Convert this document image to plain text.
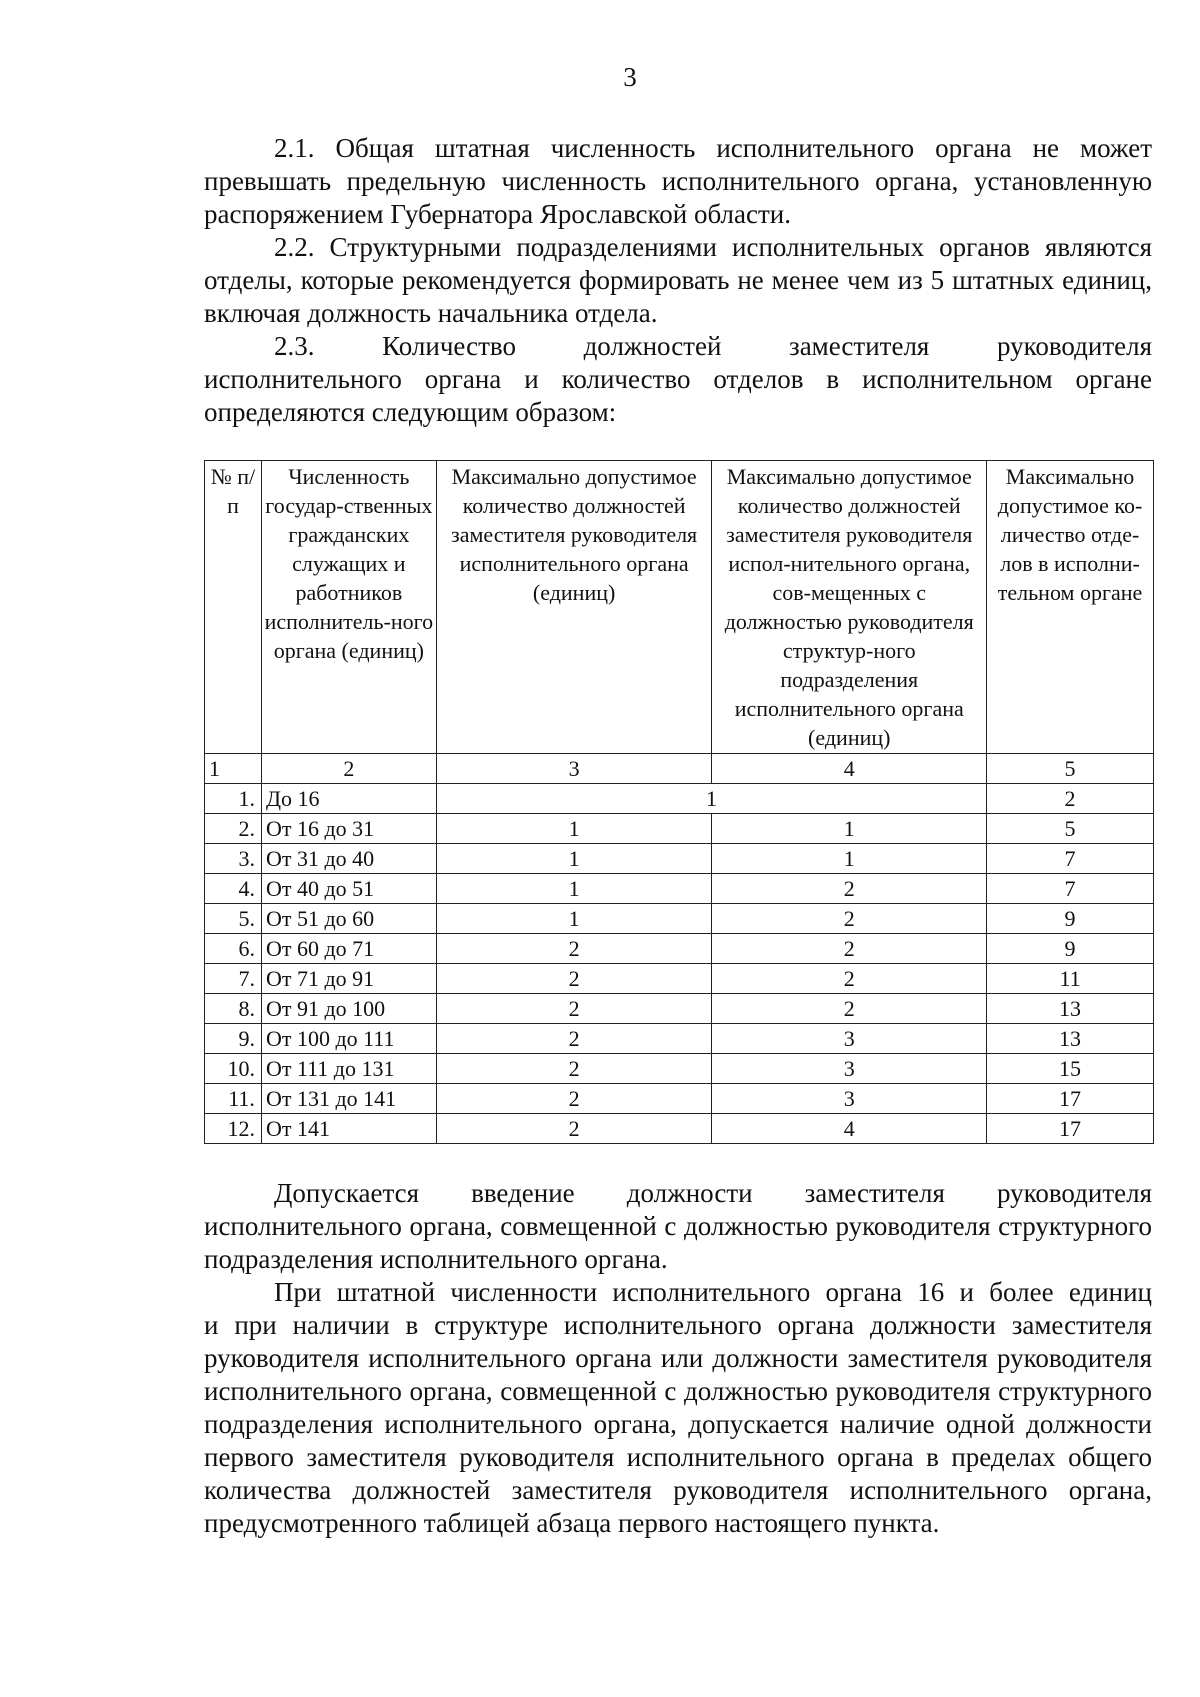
3
2.1. Общая штатная численность исполнительного органа не может
превышать предельную численность исполнительного органа, установленную распоряжением Губернатора Ярославской области.
2.2. Структурными подразделениями исполнительных органов являются
отделы, которые рекомендуется формировать не менее чем из 5 штатных единиц, включая должность начальника отдела.
2.3. Количество должностей заместителя руководителя
исполнительного органа и количество отделов в исполнительном органе определяются следующим образом:
№ п/п	Численность государ-ственных гражданских служащих и работников исполнитель-ного органа (единиц)	Максимально допустимое количество должностей заместителя руководителя исполнительного органа (единиц)	Максимально допустимое количество должностей заместителя руководителя испол-нительного органа, сов-мещенных с должностью руководителя структур-ного подразделения исполнительного органа (единиц)	Максимально допустимое ко-личество отде-лов в исполни-тельном органе
1	2	3	4	5
1.	До 16	1		2
2.	От 16 до 31	1	1	5
3.	От 31 до 40	1	1	7
4.	От 40 до 51	1	2	7
5.	От 51 до 60	1	2	9
6.	От 60 до 71	2	2	9
7.	От 71 до 91	2	2	11
8.	От 91 до 100	2	2	13
9.	От 100 до 111	2	3	13
10.	От 111 до 131	2	3	15
11.	От 131 до 141	2	3	17
12.	От 141	2	4	17
Допускается введение должности заместителя руководителя
исполнительного органа, совмещенной с должностью руководителя структурного подразделения исполнительного органа.
При штатной численности исполнительного органа 16 и более единиц
и при наличии в структуре исполнительного органа должности заместителя руководителя исполнительного органа или должности заместителя руководителя исполнительного органа, совмещенной с должностью руководителя структурного подразделения исполнительного органа, допускается наличие одной должности первого заместителя руководителя исполнительного органа в пределах общего количества должностей заместителя руководителя исполнительного органа, предусмотренного таблицей абзаца первого настоящего пункта.
